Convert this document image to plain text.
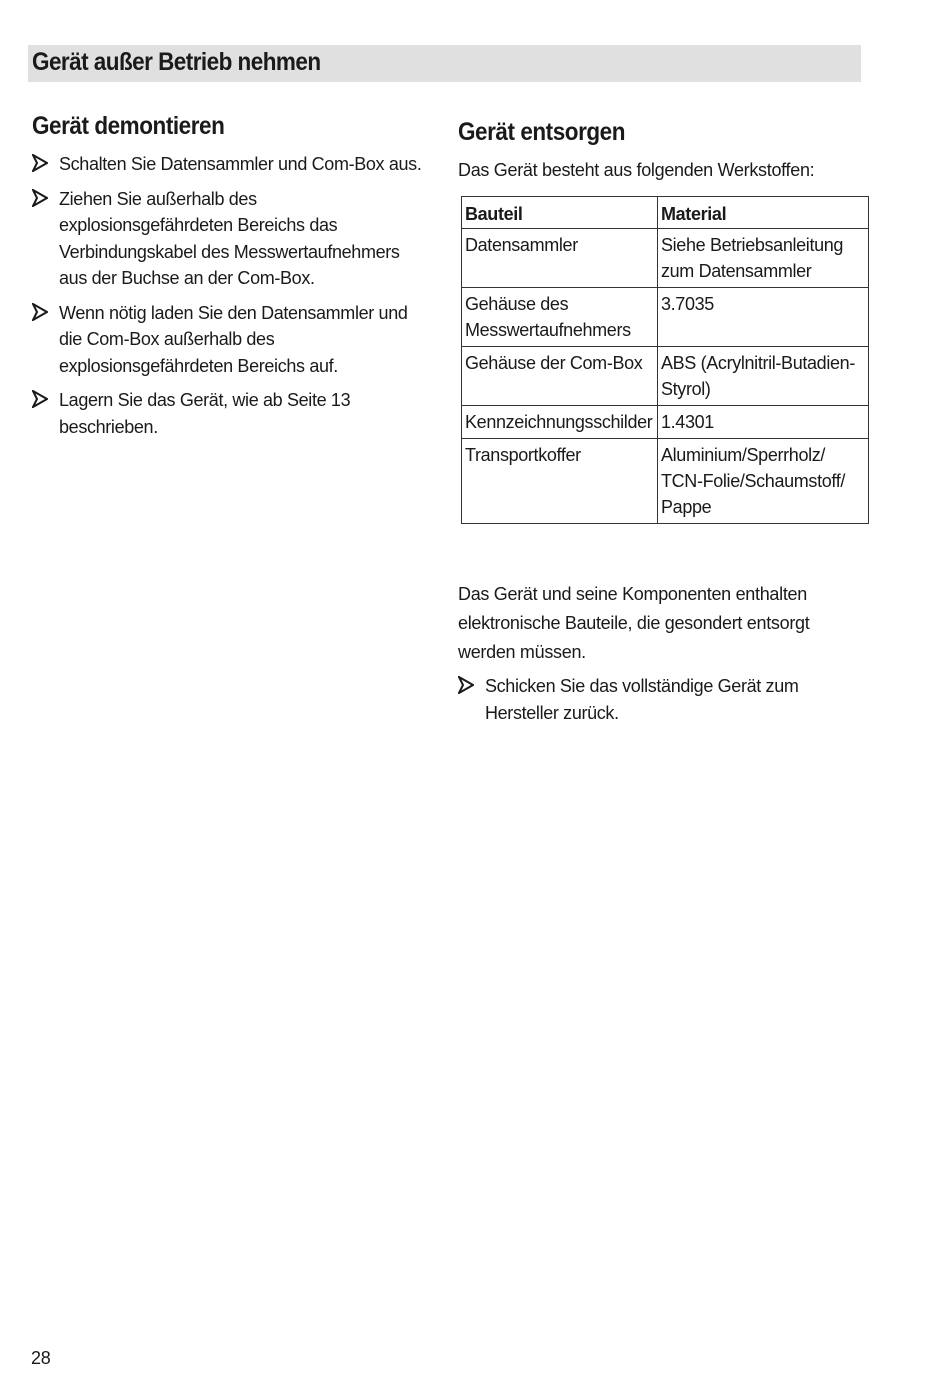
Gerät außer Betrieb nehmen
Gerät demontieren
Schalten Sie Datensammler und Com-Box aus.
Ziehen Sie außerhalb des explosionsgefährdeten Bereichs das Verbindungskabel des Messwertaufnehmers aus der Buchse an der Com-Box.
Wenn nötig laden Sie den Datensammler und die Com-Box außerhalb des explosionsgefährdeten Bereichs auf.
Lagern Sie das Gerät, wie ab Seite 13 beschrieben.
Gerät entsorgen
Das Gerät besteht aus folgenden Werkstoffen:
Bauteil	Material
Datensammler	Siehe Betriebsanleitung zum Datensammler
Gehäuse des Messwertaufnehmers	3.7035
Gehäuse der Com-Box	ABS (Acrylnitril-Butadien-Styrol)
Kennzeichnungsschilder	1.4301
Transportkoffer	Aluminium/Sperrholz/ TCN-Folie/Schaumstoff/ Pappe
Das Gerät und seine Komponenten enthalten elektronische Bauteile, die gesondert entsorgt werden müssen.
Schicken Sie das vollständige Gerät zum Hersteller zurück.
28
